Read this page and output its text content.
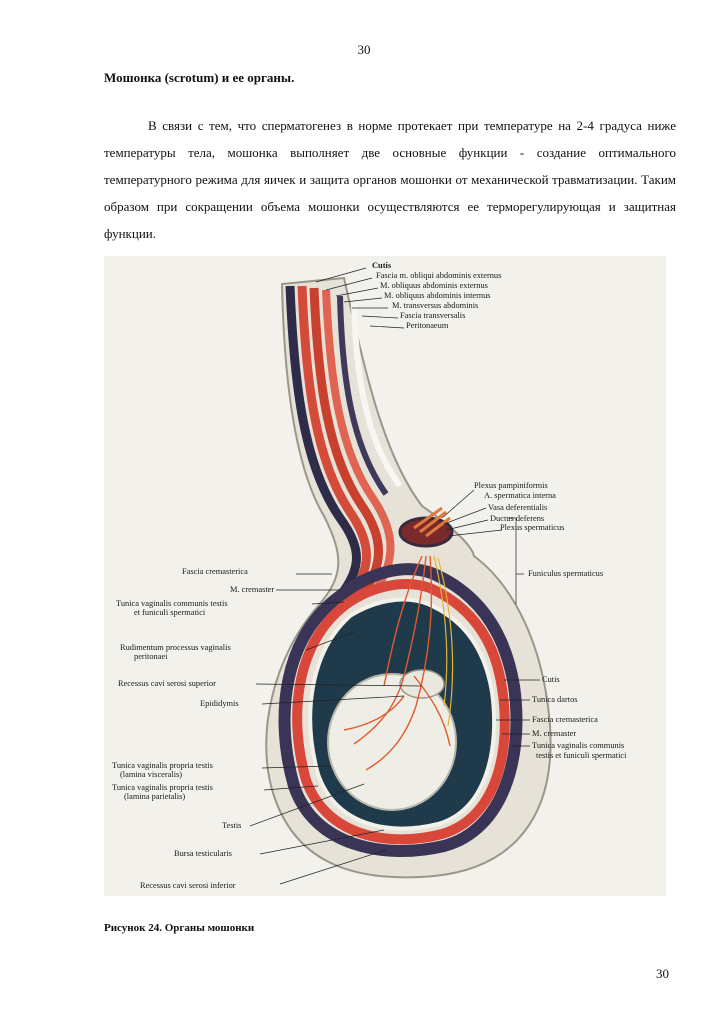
30
Мошонка (scrotum) и ее органы.
В связи с тем, что сперматогенез в норме протекает при температуре на 2-4 градуса ниже температуры тела, мошонка выполняет две основные функции - создание оптимального температурного режима для яичек и защита органов мошонки от механической травматизации. Таким образом при сокращении объема мошонки осуществляются ее терморегулирующая и защитная функции.
Cutis
Fascia m. obliqui abdominis externus
M. obliquus abdominis externus
M. obliquus abdominis internus
M. transversus abdominis
Fascia transversalis
Peritonaeum
Plexus pampiniformis
A. spermatica interna
Vasa deferentialis
Ductus deferens
Plexus spermaticus
Funiculus spermaticus
Fascia cremasterica
M. cremaster
Tunica vaginalis communis testis
et funiculi spermatici
Rudimentum processus vaginalis
peritonaei
Recessus cavi serosi superior
Epididymis
Tunica vaginalis propria testis
(lamina visceralis)
Tunica vaginalis propria testis
(lamina parietalis)
Testis
Bursa testicularis
Recessus cavi serosi inferior
Cutis
Tunica dartos
Fascia cremasterica
M. cremaster
Tunica vaginalis communis
testis et funiculi spermatici
Рисунок 24. Органы мошонки
30
